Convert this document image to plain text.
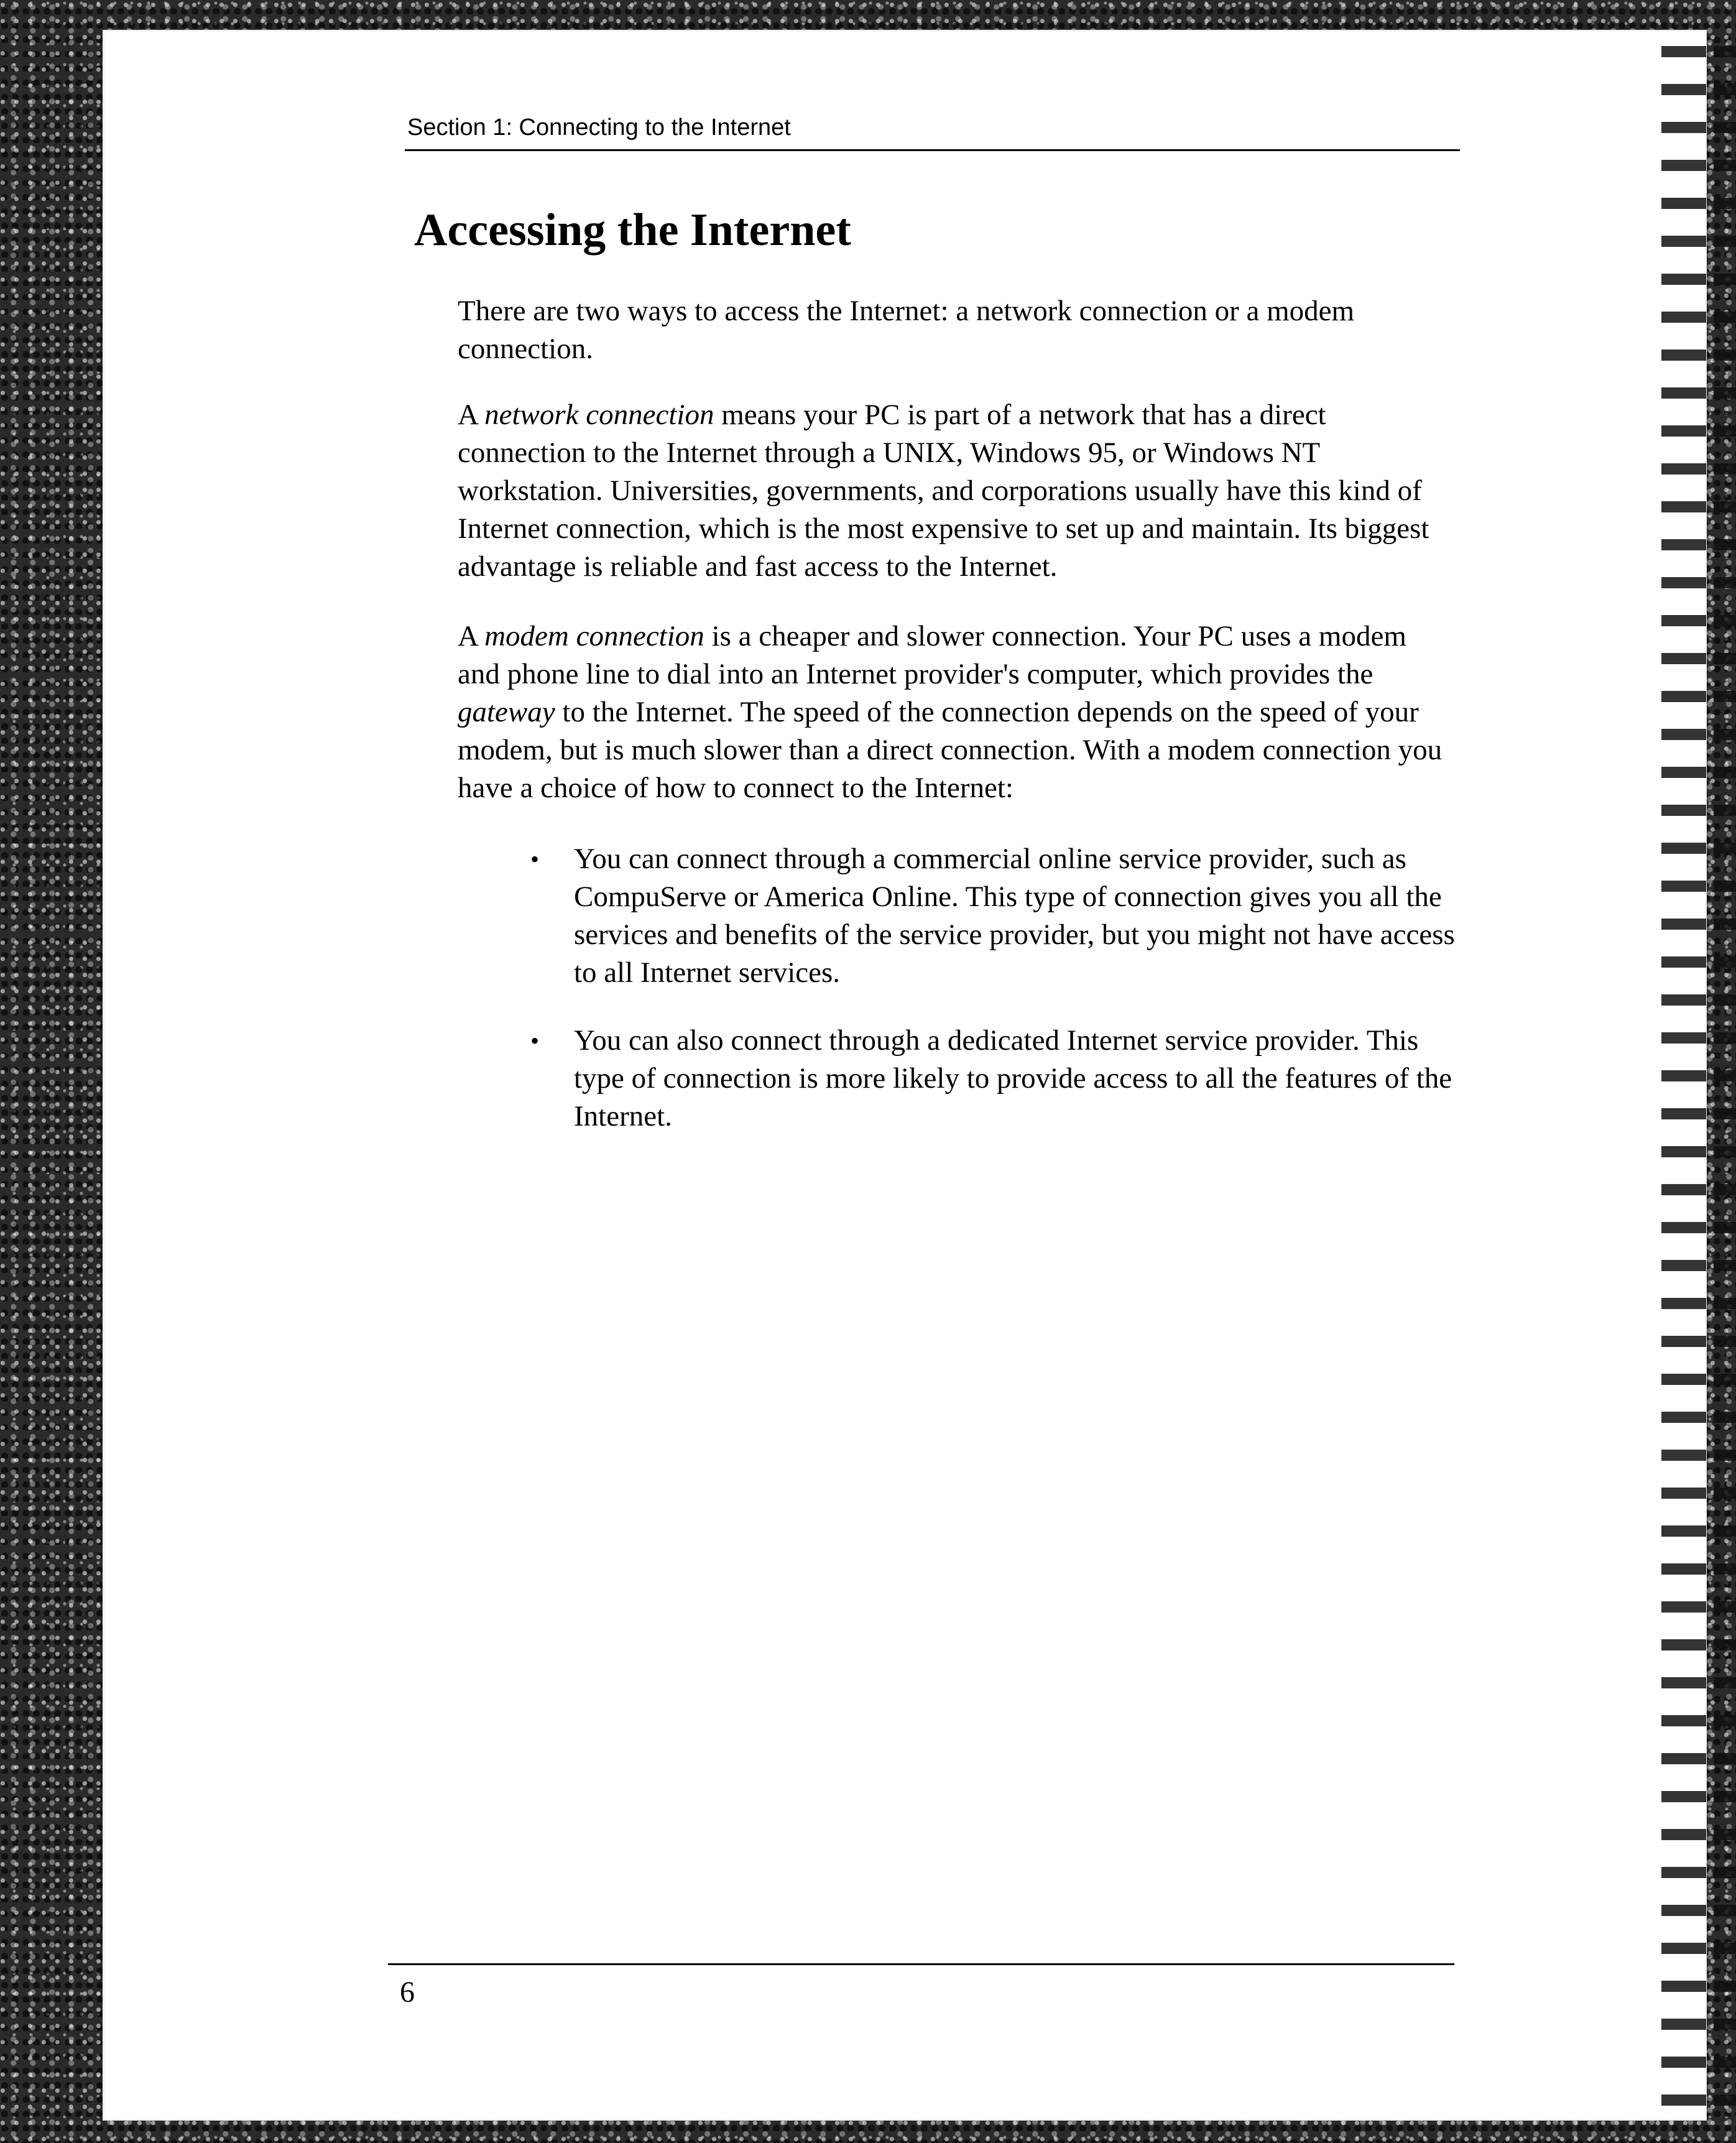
Section 1: Connecting to the Internet
Accessing the Internet

There are two ways to access the Internet: a network connection or a modem connection.

A network connection means your PC is part of a network that has a direct connection to the Internet through a UNIX, Windows 95, or Windows NT workstation. Universities, governments, and corporations usually have this kind of Internet connection, which is the most expensive to set up and maintain. Its biggest advantage is reliable and fast access to the Internet.

A modem connection is a cheaper and slower connection. Your PC uses a modem and phone line to dial into an Internet provider's computer, which provides the gateway to the Internet. The speed of the connection depends on the speed of your modem, but is much slower than a direct connection. With a modem connection you have a choice of how to connect to the Internet:

• You can connect through a commercial online service provider, such as CompuServe or America Online. This type of connection gives you all the services and benefits of the service provider, but you might not have access to all Internet services.

• You can also connect through a dedicated Internet service provider. This type of connection is more likely to provide access to all the features of the Internet.

6
